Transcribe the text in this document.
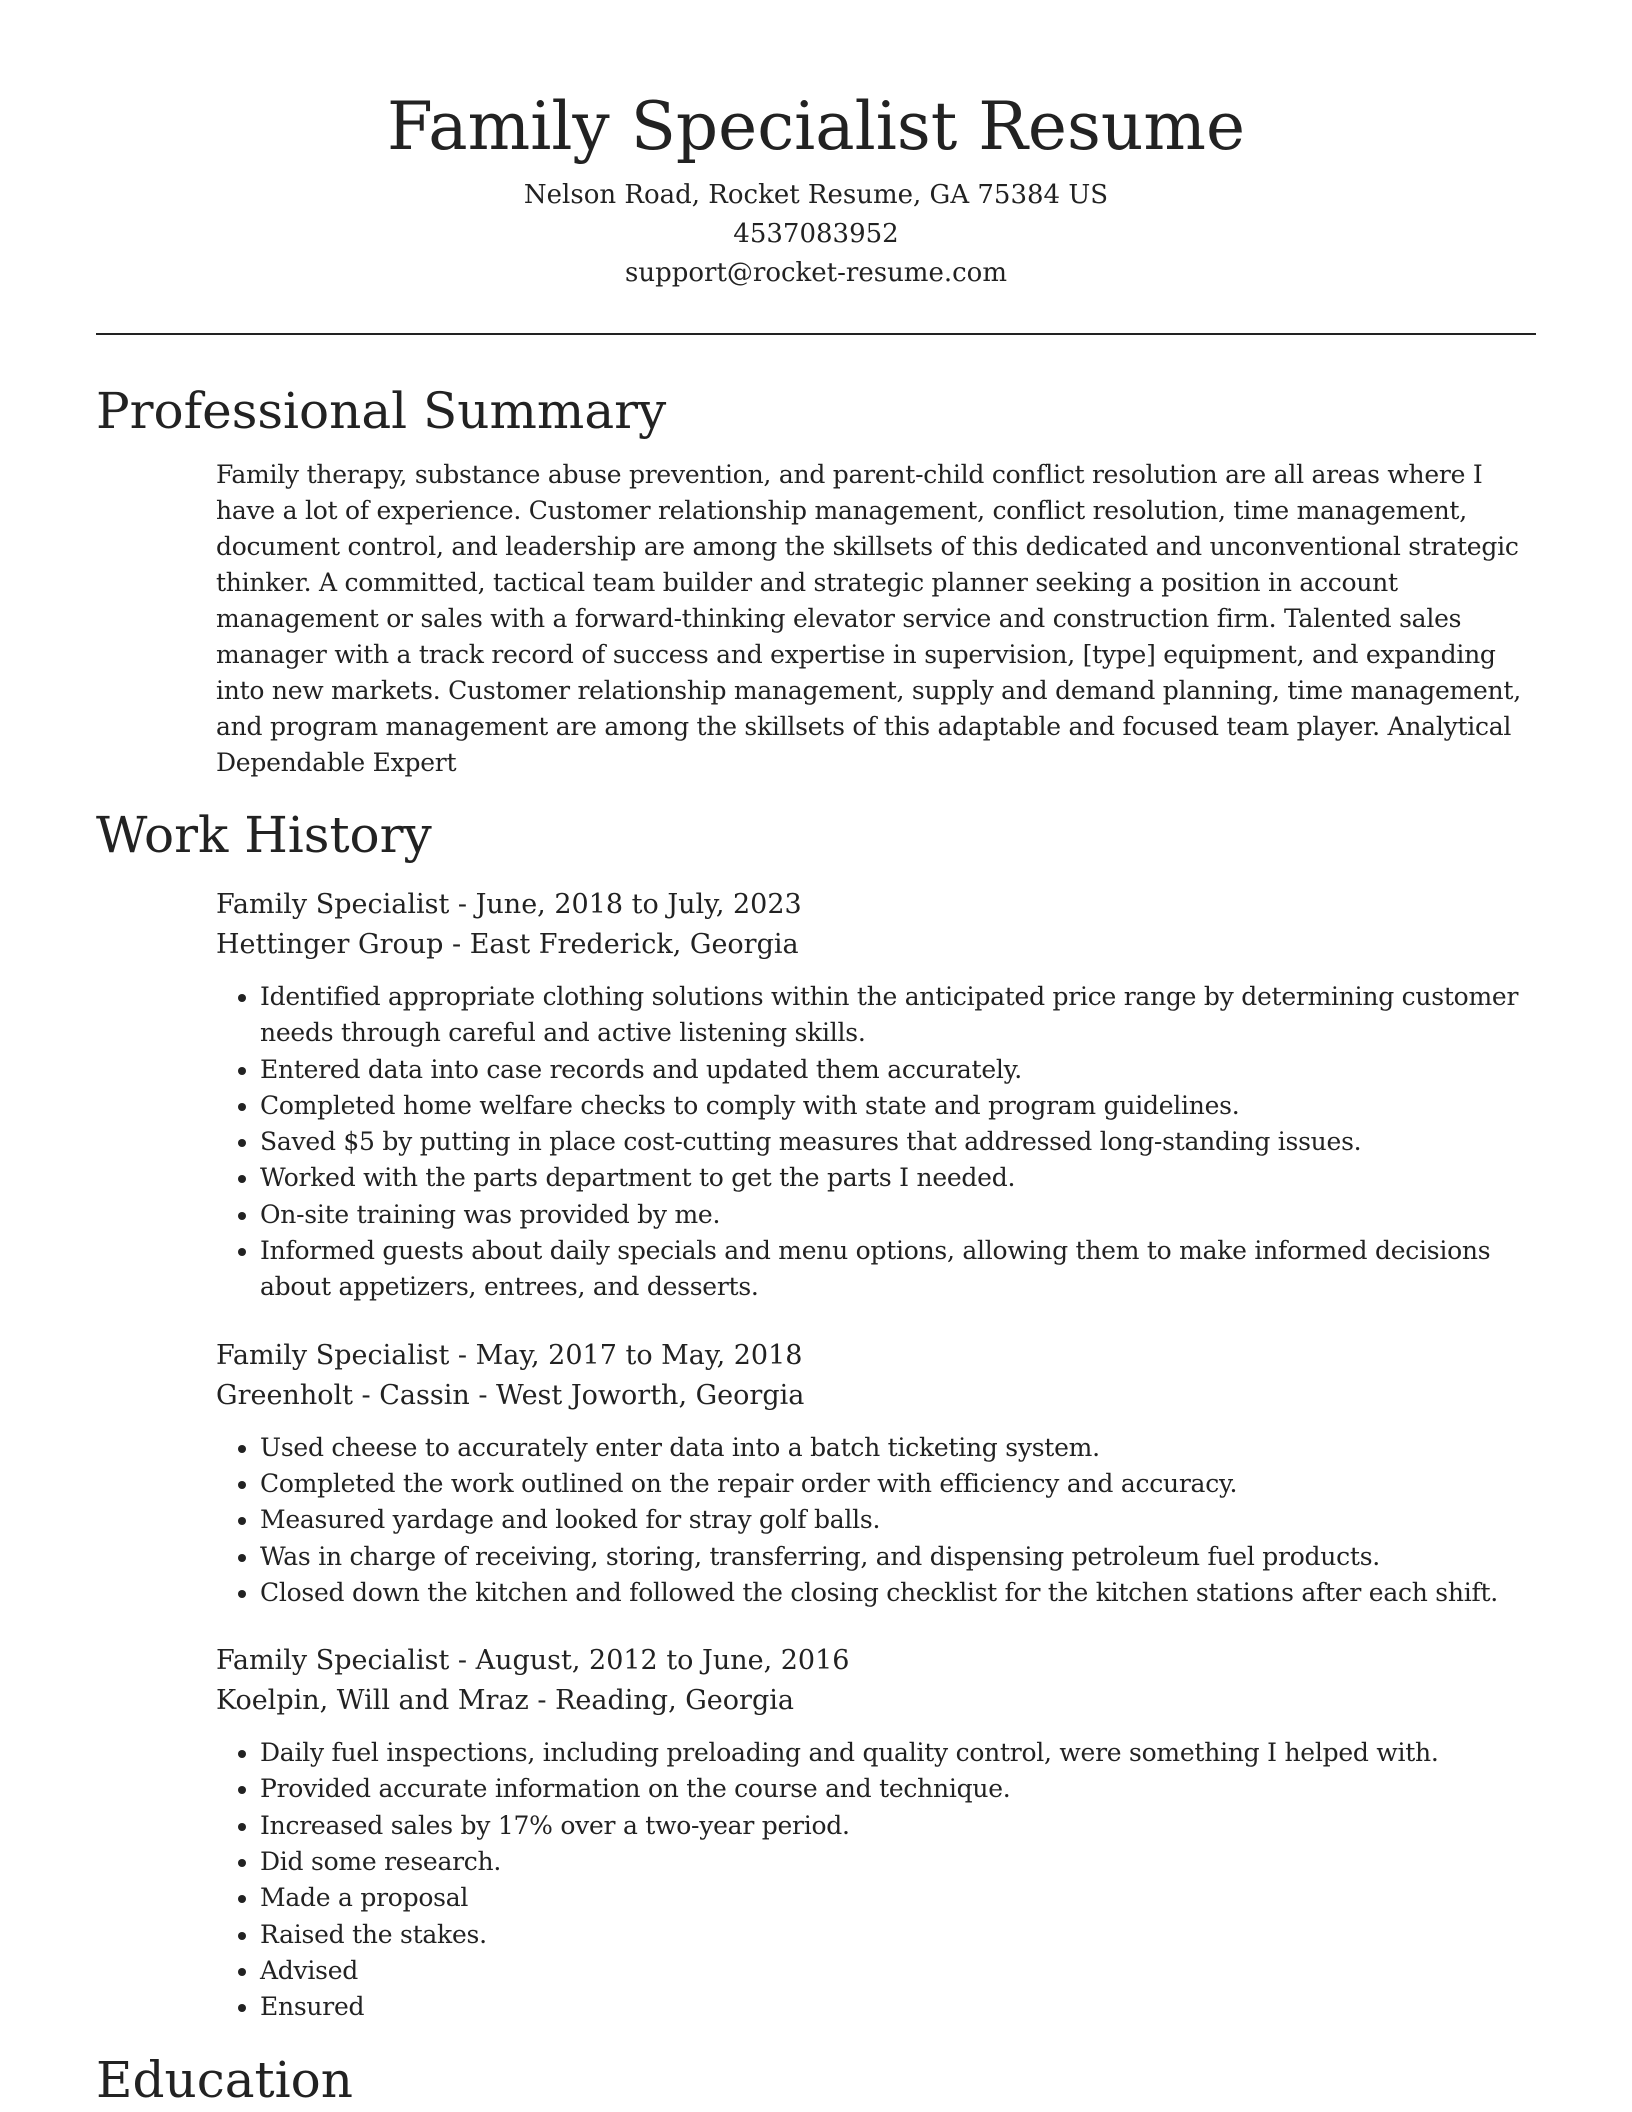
Family Specialist Resume
Nelson Road, Rocket Resume, GA 75384 US
4537083952
support@rocket-resume.com
Professional Summary
Family therapy, substance abuse prevention, and parent-child conflict resolution are all areas where I have a lot of experience. Customer relationship management, conflict resolution, time management, document control, and leadership are among the skillsets of this dedicated and unconventional strategic thinker. A committed, tactical team builder and strategic planner seeking a position in account management or sales with a forward-thinking elevator service and construction firm. Talented sales manager with a track record of success and expertise in supervision, [type] equipment, and expanding into new markets. Customer relationship management, supply and demand planning, time management, and program management are among the skillsets of this adaptable and focused team player. Analytical Dependable Expert
Work History
Family Specialist - June, 2018 to July, 2023
Hettinger Group - East Frederick, Georgia
• Identified appropriate clothing solutions within the anticipated price range by determining customer needs through careful and active listening skills.
• Entered data into case records and updated them accurately.
• Completed home welfare checks to comply with state and program guidelines.
• Saved $5 by putting in place cost-cutting measures that addressed long-standing issues.
• Worked with the parts department to get the parts I needed.
• On-site training was provided by me.
• Informed guests about daily specials and menu options, allowing them to make informed decisions about appetizers, entrees, and desserts.
Family Specialist - May, 2017 to May, 2018
Greenholt - Cassin - West Joworth, Georgia
• Used cheese to accurately enter data into a batch ticketing system.
• Completed the work outlined on the repair order with efficiency and accuracy.
• Measured yardage and looked for stray golf balls.
• Was in charge of receiving, storing, transferring, and dispensing petroleum fuel products.
• Closed down the kitchen and followed the closing checklist for the kitchen stations after each shift.
Family Specialist - August, 2012 to June, 2016
Koelpin, Will and Mraz - Reading, Georgia
• Daily fuel inspections, including preloading and quality control, were something I helped with.
• Provided accurate information on the course and technique.
• Increased sales by 17% over a two-year period.
• Did some research.
• Made a proposal
• Raised the stakes.
• Advised
• Ensured
Education
